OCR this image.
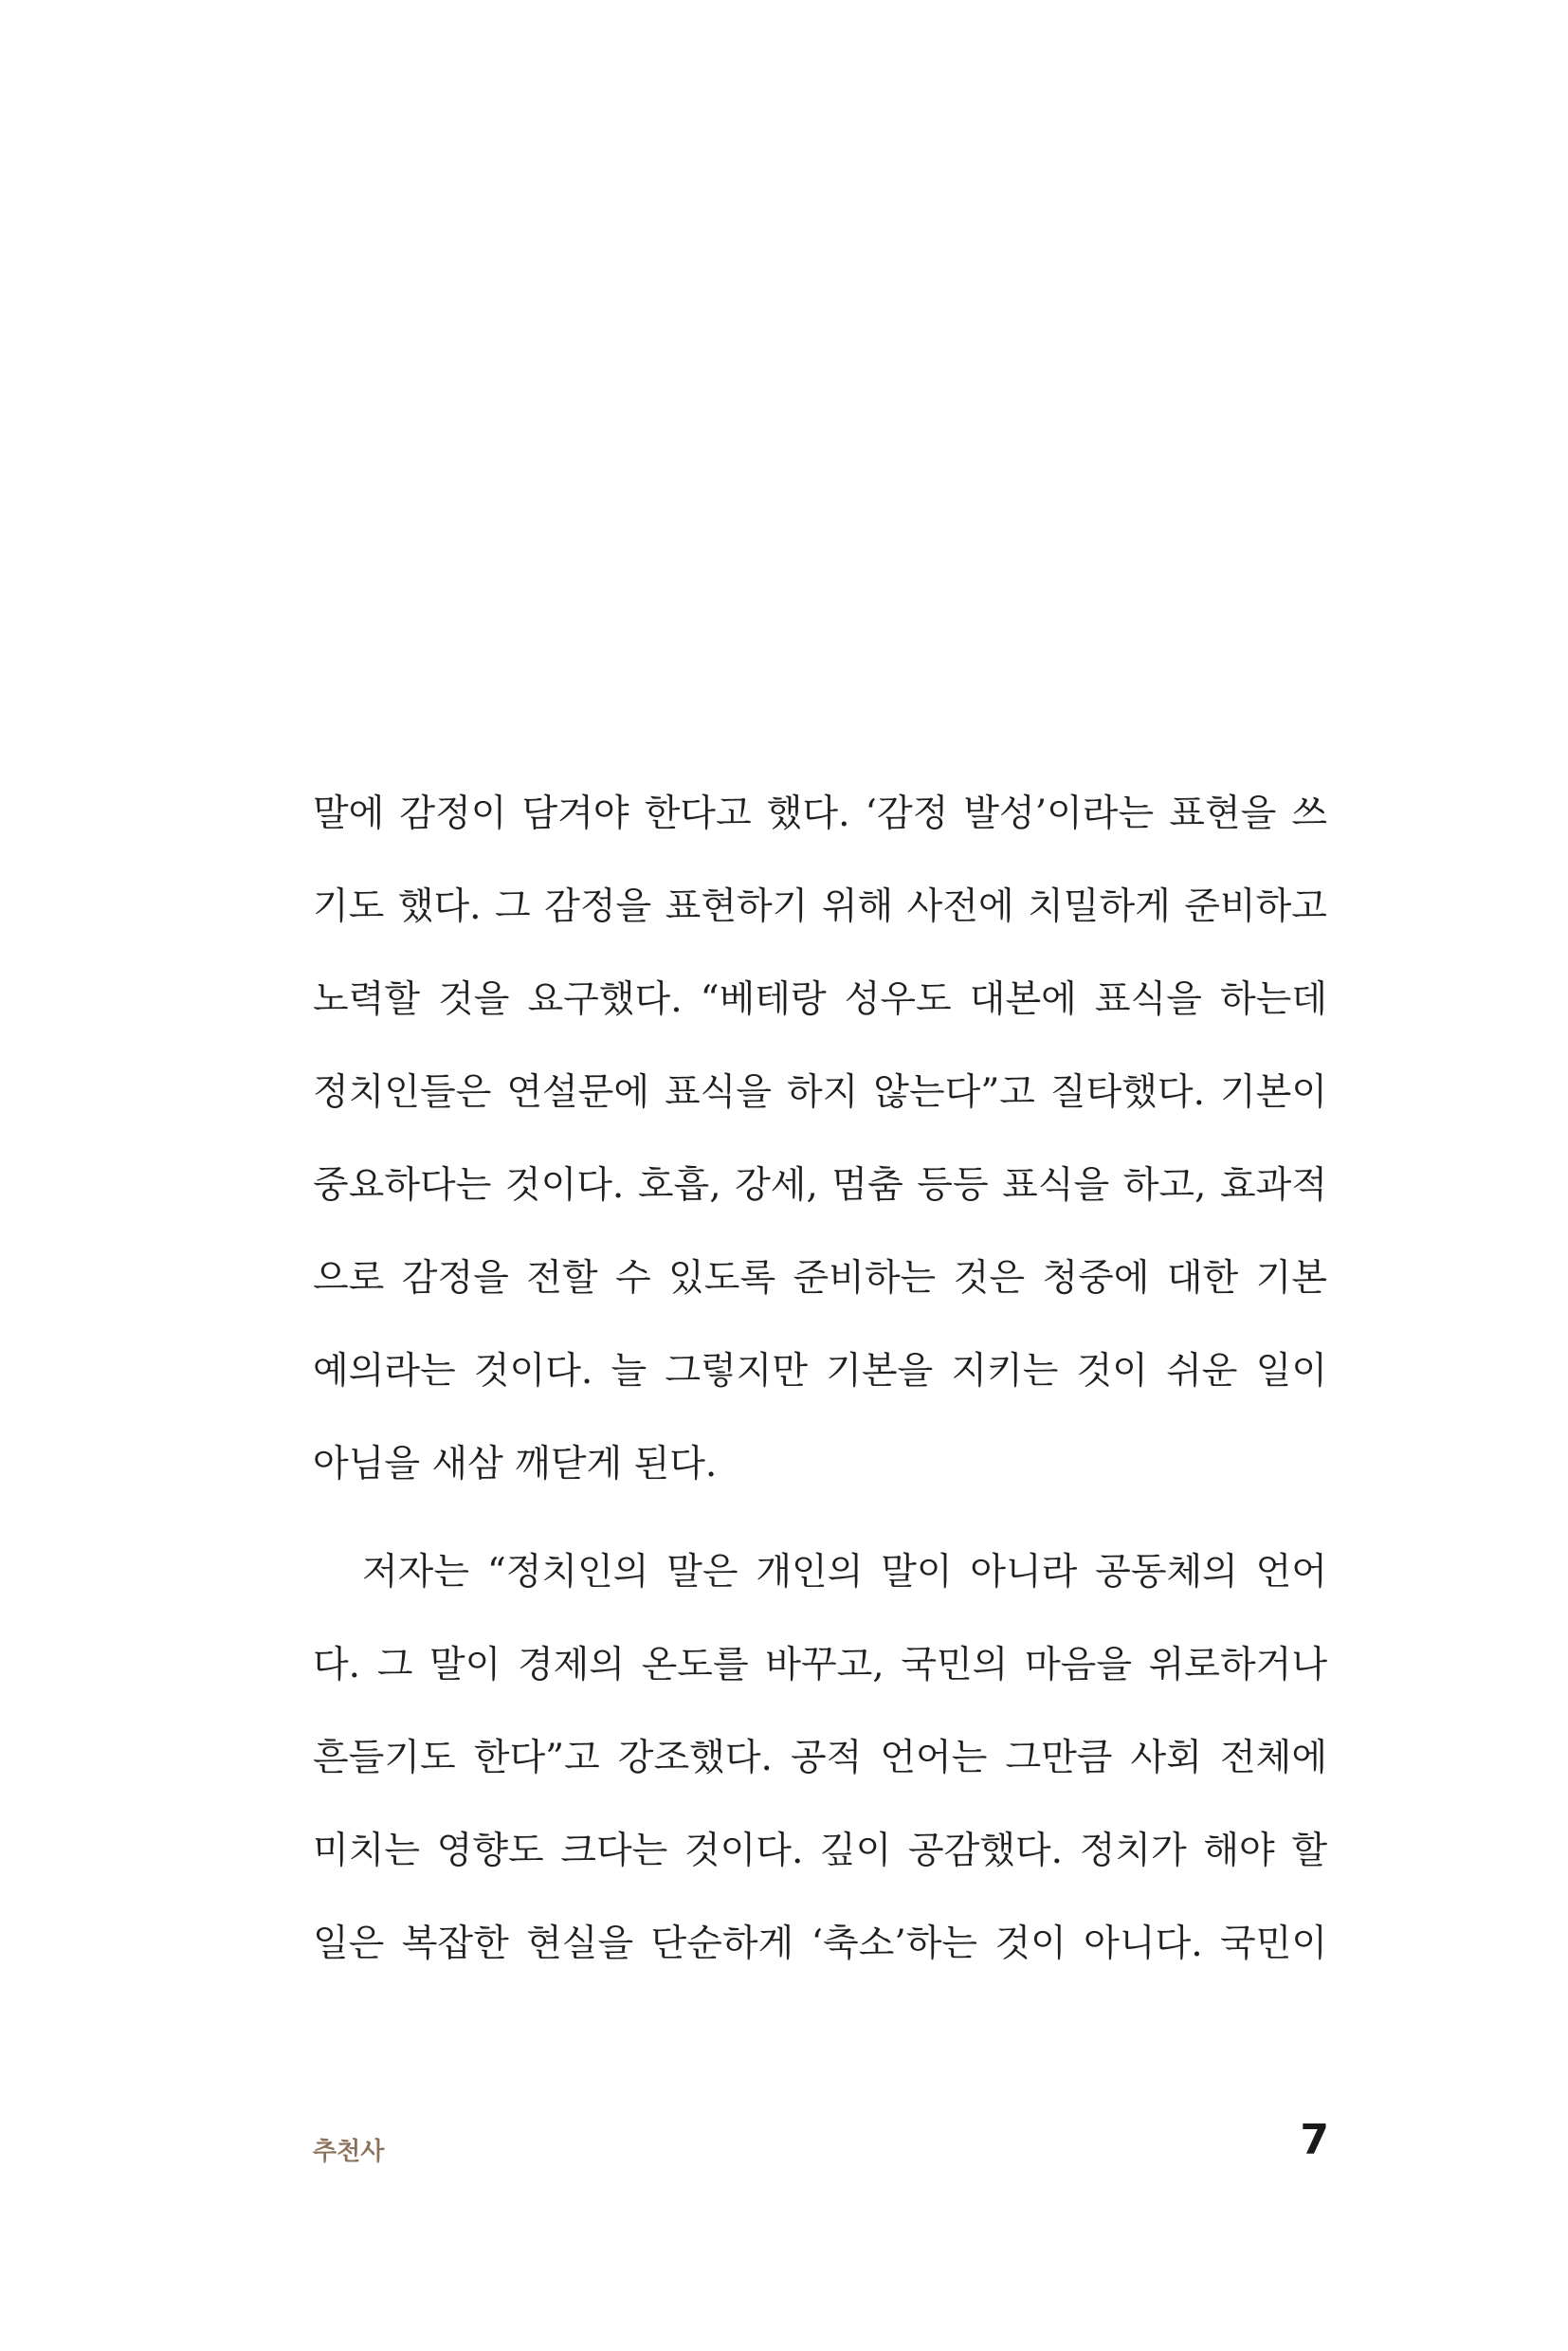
말에 감정이 담겨야 한다고 했다. ‘감정 발성’이라는 표현을 쓰
기도 했다. 그 감정을 표현하기 위해 사전에 치밀하게 준비하고
노력할 것을 요구했다. “베테랑 성우도 대본에 표식을 하는데
정치인들은 연설문에 표식을 하지 않는다”고 질타했다. 기본이
중요하다는 것이다. 호흡, 강세, 멈춤 등등 표식을 하고, 효과적
으로 감정을 전할 수 있도록 준비하는 것은 청중에 대한 기본
예의라는 것이다. 늘 그렇지만 기본을 지키는 것이 쉬운 일이
아님을 새삼 깨닫게 된다.
저자는 “정치인의 말은 개인의 말이 아니라 공동체의 언어
다. 그 말이 경제의 온도를 바꾸고, 국민의 마음을 위로하거나
흔들기도 한다”고 강조했다. 공적 언어는 그만큼 사회 전체에
미치는 영향도 크다는 것이다. 깊이 공감했다. 정치가 해야 할
일은 복잡한 현실을 단순하게 ‘축소’하는 것이 아니다. 국민이
추천사	7
